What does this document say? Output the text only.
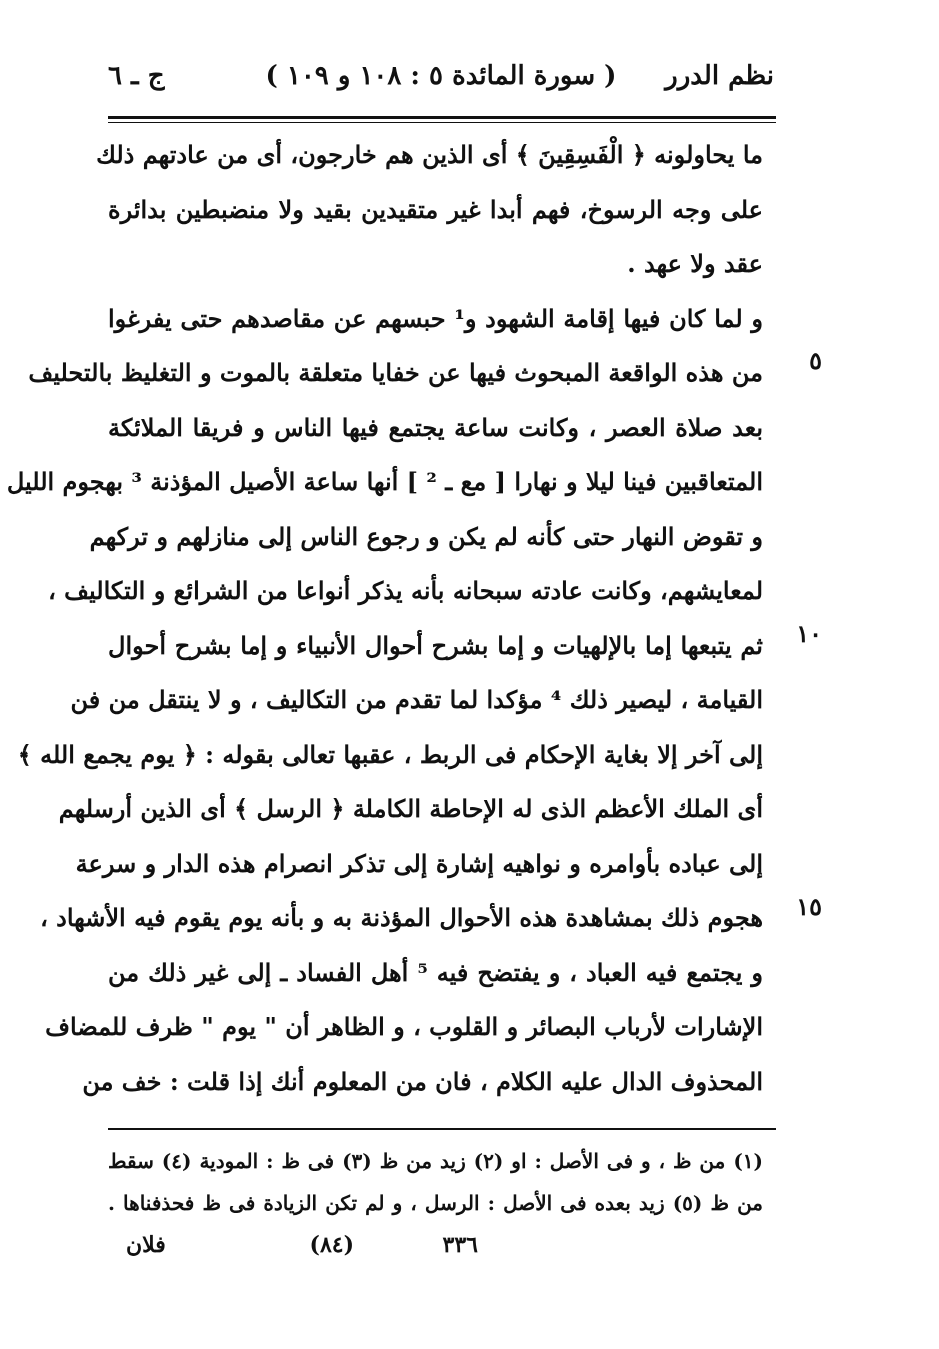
نظم الدرر
( سورة المائدة ٥ : ١٠٨ و ١٠٩ )
ج ـ ٦
ما يحاولونه ﴿ الْفَسِقِينَ ﴾ أى الذين هم خارجون، أى من عادتهم ذلك
على وجه الرسوخ، فهم أبدا غير متقيدين بقيد ولا منضبطين بدائرة
عقد ولا عهد .
و لما كان فيها إقامة الشهود و¹ حبسهم عن مقاصدهم حتى يفرغوا
من هذه الواقعة المبحوث فيها عن خفايا متعلقة بالموت و التغليظ بالتحليف
بعد صلاة العصر ، وكانت ساعة يجتمع فيها الناس و فريقا الملائكة
المتعاقبين فينا ليلا و نهارا [ مع ـ ² ] أنها ساعة الأصيل المؤذنة ³ بهجوم الليل
و تقوض النهار حتى كأنه لم يكن و رجوع الناس إلى منازلهم و تركهم
لمعايشهم، وكانت عادته سبحانه بأنه يذكر أنواعا من الشرائع و التكاليف ،
ثم يتبعها إما بالإلهيات و إما بشرح أحوال الأنبياء و إما بشرح أحوال
القيامة ، ليصير ذلك ⁴ مؤكدا لما تقدم من التكاليف ، و لا ينتقل من فن
إلى آخر إلا بغاية الإحكام فى الربط ، عقبها تعالى بقوله : ﴿ يوم يجمع الله ﴾
أى الملك الأعظم الذى له الإحاطة الكاملة ﴿ الرسل ﴾ أى الذين أرسلهم
إلى عباده بأوامره و نواهيه إشارة إلى تذكر انصرام هذه الدار و سرعة
هجوم ذلك بمشاهدة هذه الأحوال المؤذنة به و بأنه يوم يقوم فيه الأشهاد ،
و يجتمع فيه العباد ، و يفتضح فيه ⁵ أهل الفساد ـ إلى غير ذلك من
الإشارات لأرباب البصائر و القلوب ، و الظاهر أن " يوم " ظرف للمضاف
المحذوف الدال عليه الكلام ، فان من المعلوم أنك إذا قلت : خف من
٥
١٠
١٥
(١) من ظ ، و فى الأصل : او (٢) زيد من ظ (٣) فى ظ : المودية (٤) سقط
من ظ (٥) زيد بعده فى الأصل : الرسل ، و لم تكن الزيادة فى ظ فحذفناها .
٣٣٦
(٨٤)
فلان
